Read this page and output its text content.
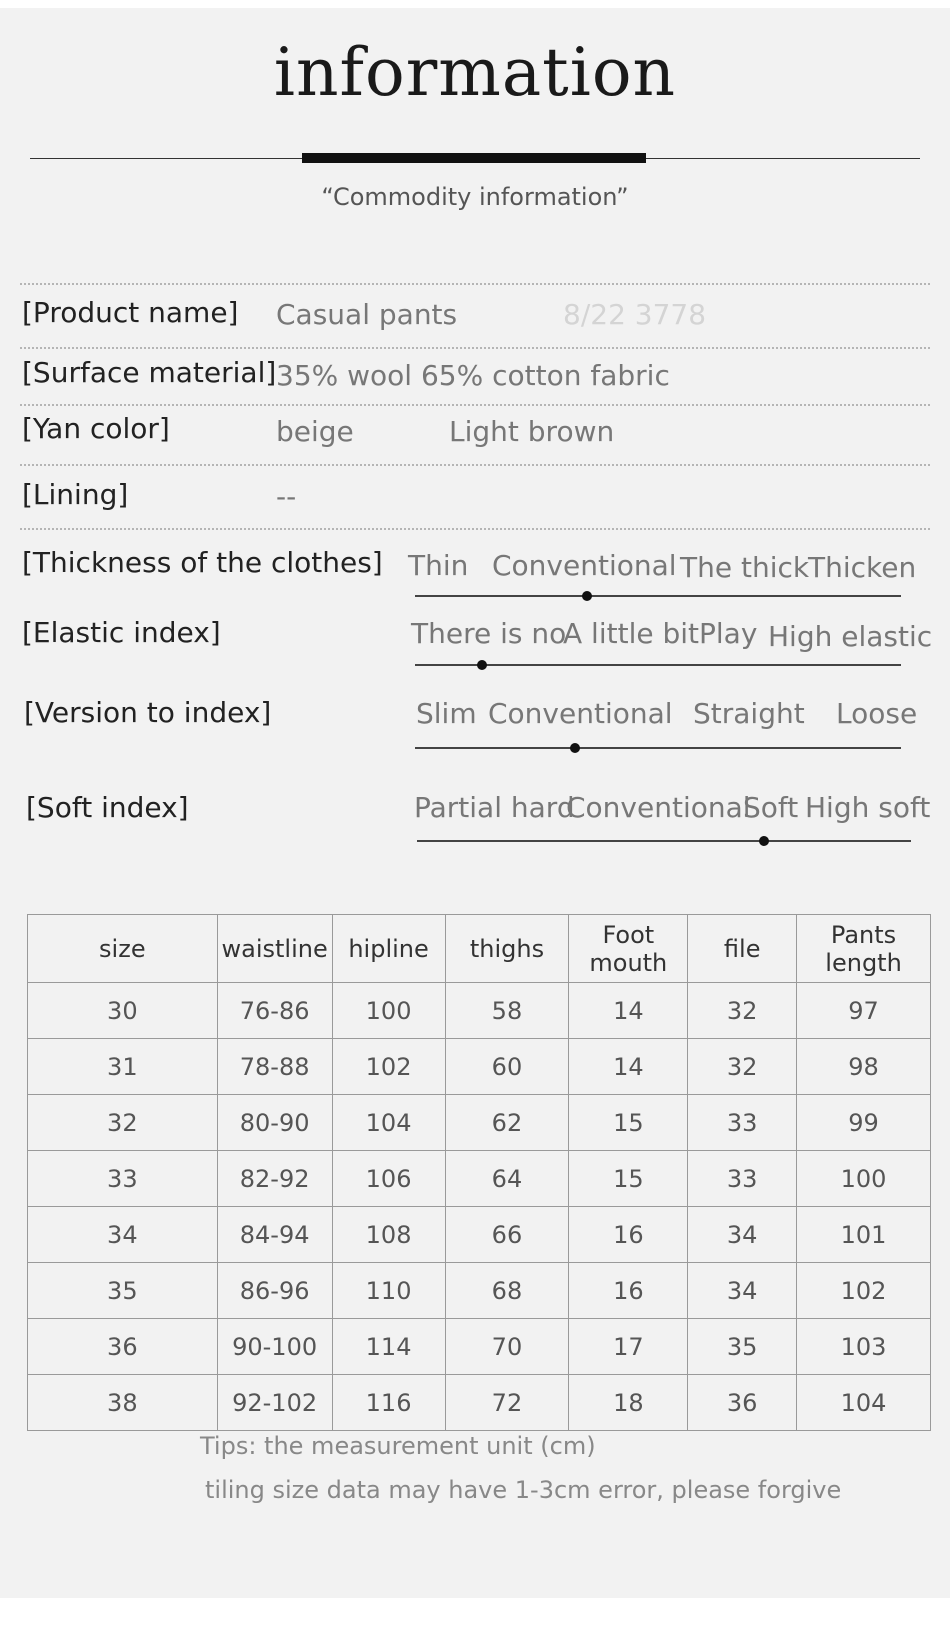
information
“Commodity information”
[Product name] Casual pants	8/22 3778
[Surface material] 35% wool 65% cotton fabric
[Yan color]	beige	Light brown
[Lining]	--
[Thickness of the clothes] Thin Conventional The thick
Thicken
[Elastic index]	There is no
A little bit Play High elastic
[Version to index]	Slim Conventional Straight Loose
[Soft index]	Partial hard
Conventional
Soft High soft
size	waistline	hipline	thighs	Foot mouth	file	Pants length
30	76-86	100	58	14	32	97
31	78-88	102	60	14	32	98
32	80-90	104	62	15	33	99
33	82-92	106	64	15	33	100
34	84-94	108	66	16	34	101
35	86-96	110	68	16	34	102
36	90-100	114	70	17	35	103
38	92-102	116	72	18	36	104
Tips: the measurement unit (cm)
tiling size data may have 1-3cm error, please forgive
